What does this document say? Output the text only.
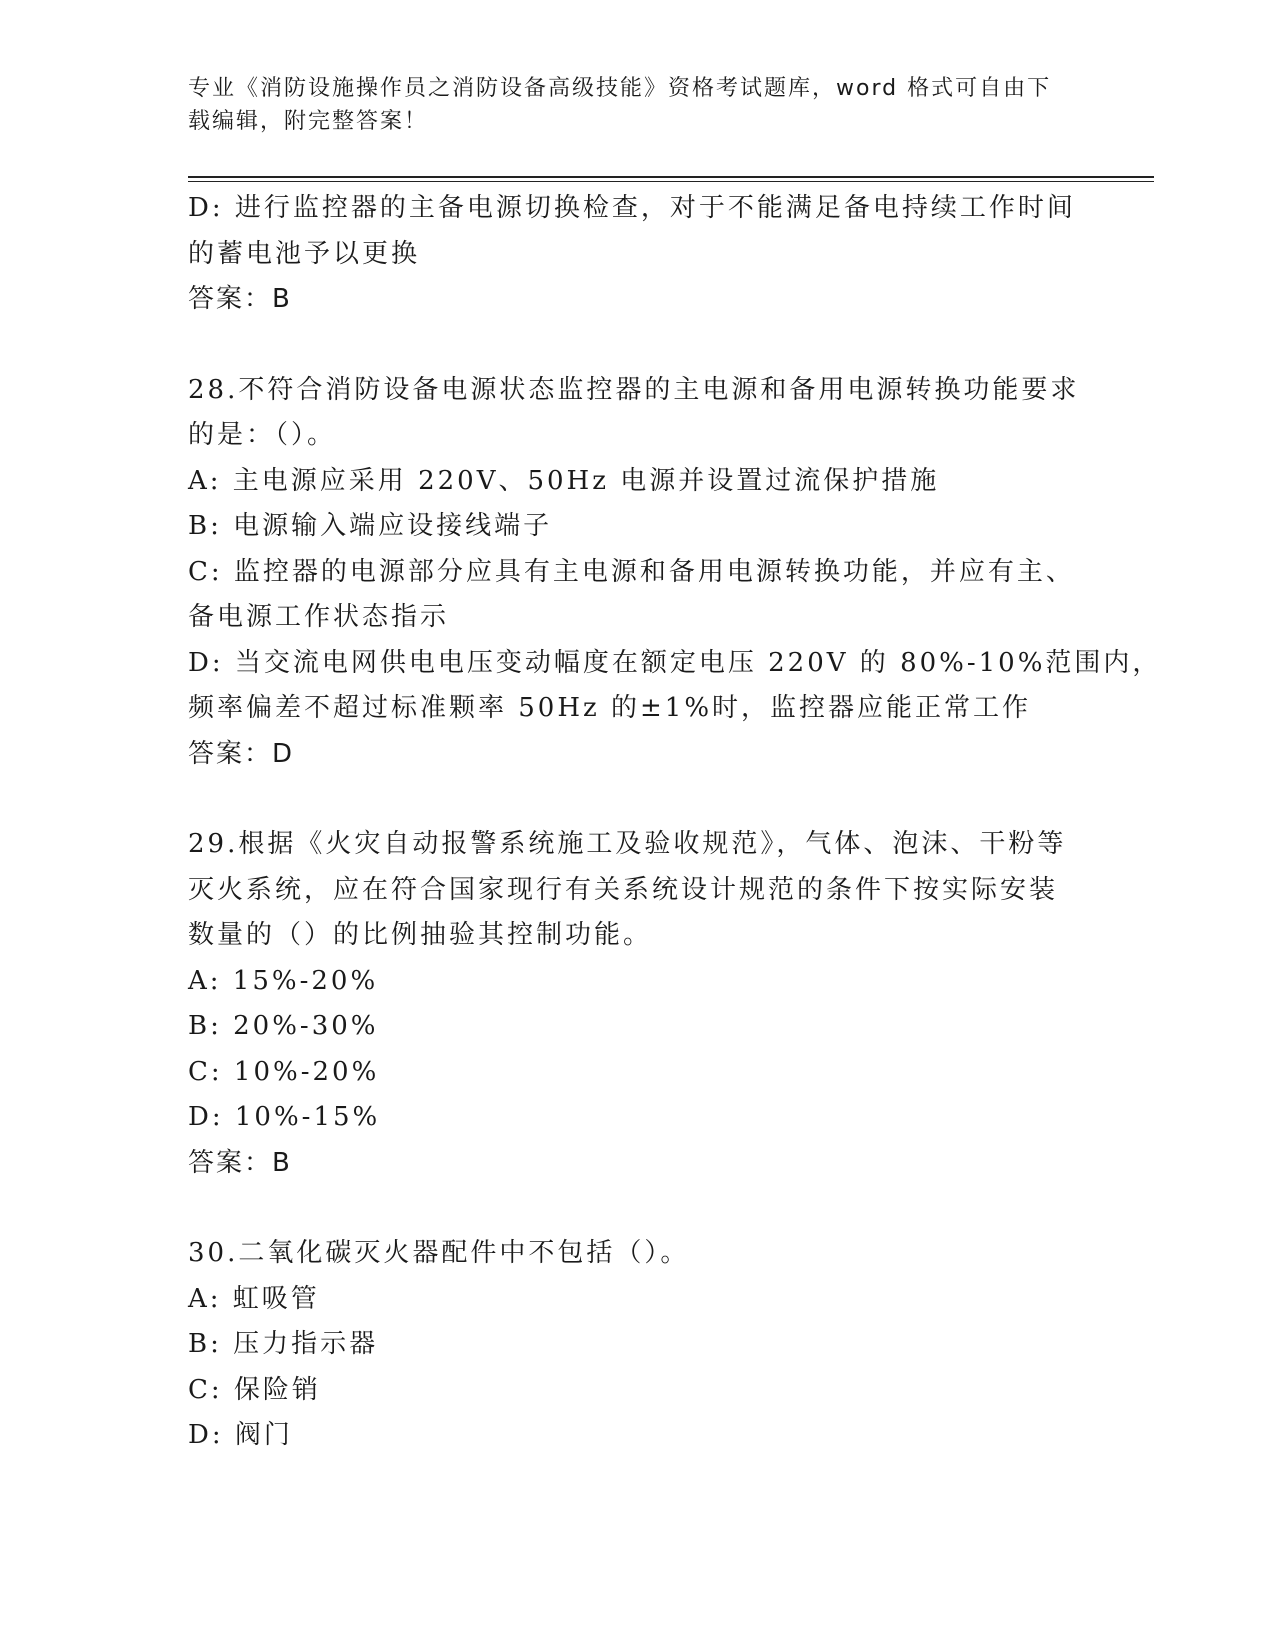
专业《消防设施操作员之消防设备高级技能》资格考试题库，word 格式可自由下
载编辑，附完整答案！
D: 进行监控器的主备电源切换检查，对于不能满足备电持续工作时间
的蓄电池予以更换
答案：B
28.不符合消防设备电源状态监控器的主电源和备用电源转换功能要求
的是：（）。
A: 主电源应采用 220V、50Hz 电源并设置过流保护措施
B: 电源输入端应设接线端子
C: 监控器的电源部分应具有主电源和备用电源转换功能，并应有主、
备电源工作状态指示
D: 当交流电网供电电压变动幅度在额定电压 220V 的 80%-10%范围内，
频率偏差不超过标准颗率 50Hz 的±1%时，监控器应能正常工作
答案：D
29.根据《火灾自动报警系统施工及验收规范》，气体、泡沫、干粉等
灭火系统，应在符合国家现行有关系统设计规范的条件下按实际安装
数量的（）的比例抽验其控制功能。
A: 15%-20%
B: 20%-30%
C: 10%-20%
D: 10%-15%
答案：B
30.二氧化碳灭火器配件中不包括（）。
A: 虹吸管
B: 压力指示器
C: 保险销
D: 阀门
